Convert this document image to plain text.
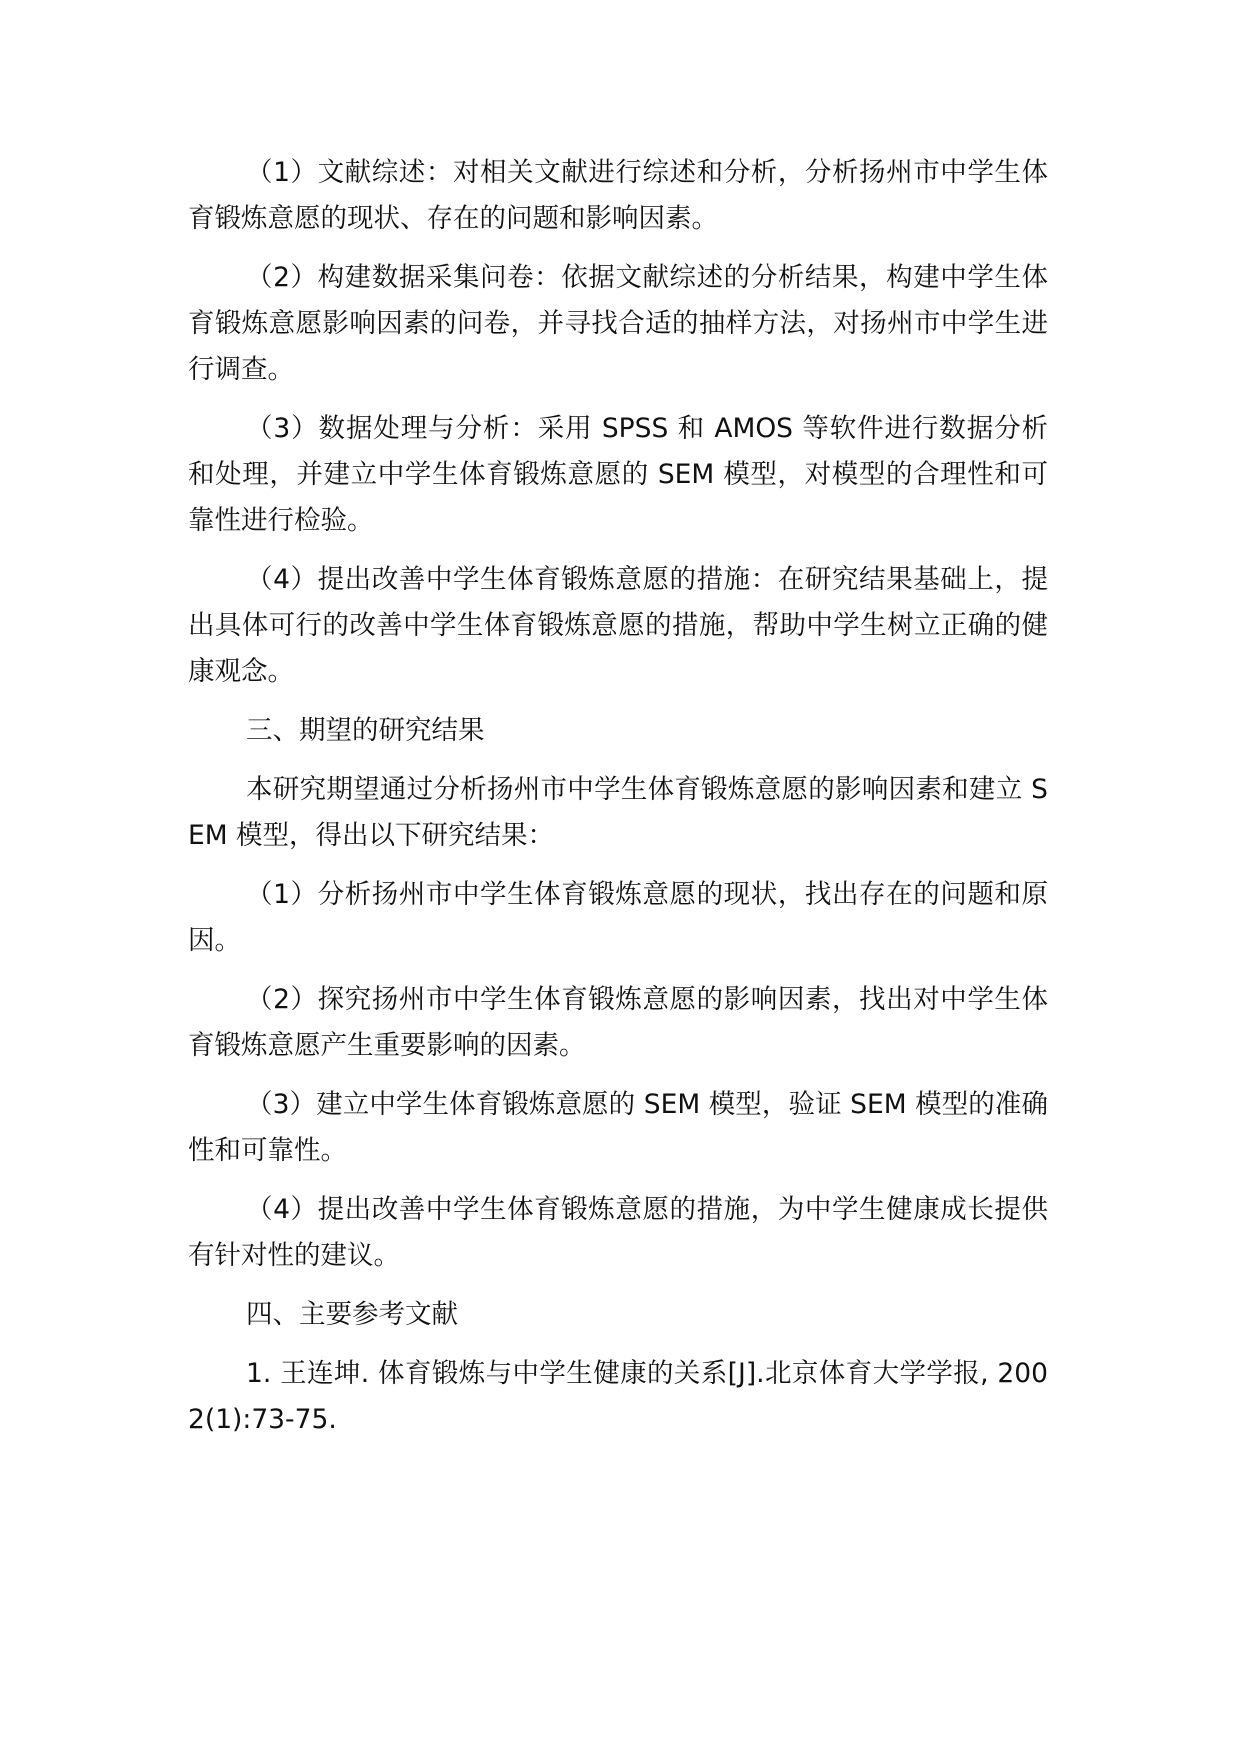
（1）文献综述：对相关文献进行综述和分析，分析扬州市中学生体育锻炼意愿的现状、存在的问题和影响因素。

（2）构建数据采集问卷：依据文献综述的分析结果，构建中学生体育锻炼意愿影响因素的问卷，并寻找合适的抽样方法，对扬州市中学生进行调查。

（3）数据处理与分析：采用 SPSS 和 AMOS 等软件进行数据分析和处理，并建立中学生体育锻炼意愿的 SEM 模型，对模型的合理性和可靠性进行检验。

（4）提出改善中学生体育锻炼意愿的措施：在研究结果基础上，提出具体可行的改善中学生体育锻炼意愿的措施，帮助中学生树立正确的健康观念。

三、期望的研究结果

本研究期望通过分析扬州市中学生体育锻炼意愿的影响因素和建立 SEM 模型，得出以下研究结果：

（1）分析扬州市中学生体育锻炼意愿的现状，找出存在的问题和原因。

（2）探究扬州市中学生体育锻炼意愿的影响因素，找出对中学生体育锻炼意愿产生重要影响的因素。

（3）建立中学生体育锻炼意愿的 SEM 模型，验证 SEM 模型的准确性和可靠性。

（4）提出改善中学生体育锻炼意愿的措施，为中学生健康成长提供有针对性的建议。

四、主要参考文献

1. 王连坤. 体育锻炼与中学生健康的关系[J].北京体育大学学报, 2002(1):73-75.
